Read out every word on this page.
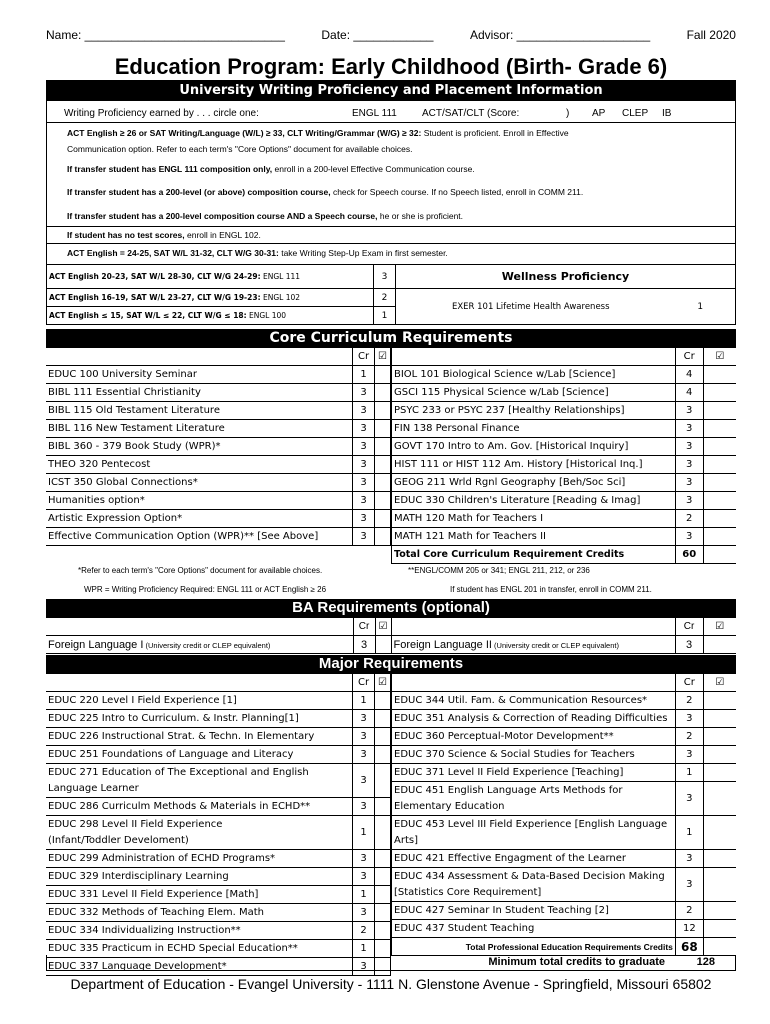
Name: ______________________________	Date: ____________	Advisor: ____________________	Fall 2020
Education Program: Early Childhood (Birth- Grade 6)
University Writing Proficiency and Placement Information
Writing Proficiency earned by . . . circle one:	ENGL 111	ACT/SAT/CLT (Score:	) AP CLEP IB
ACT English ≥ 26 or SAT Writing/Language (W/L) ≥ 33, CLT Writing/Grammar (W/G) ≥ 32: Student is proficient. Enroll in Effective
Communication option. Refer to each term's "Core Options" document for available choices.
If transfer student has ENGL 111 composition only, enroll in a 200-level Effective Communication course.
If transfer student has a 200-level (or above) composition course, check for Speech course. If no Speech listed, enroll in COMM 211.
If transfer student has a 200-level composition course AND a Speech course, he or she is proficient.
If student has no test scores, enroll in ENGL 102.
ACT English = 24-25, SAT W/L 31-32, CLT W/G 30-31: take Writing Step-Up Exam in first semester.
ACT English 20-23, SAT W/L 28-30, CLT W/G 24-29: ENGL 111	3	Wellness Proficiency	
ACT English 16-19, SAT W/L 23-27, CLT W/G 19-23: ENGL 102	2	EXER 101 Lifetime Health Awareness	1
ACT English ≤ 15, SAT W/L ≤ 22, CLT W/G ≤ 18: ENGL 100	1		
Core Curriculum Requirements
	Cr	☑
EDUC 100 University Seminar	1	
BIBL 111 Essential Christianity	3	
BIBL 115 Old Testament Literature	3	
BIBL 116 New Testament Literature	3	
BIBL 360 - 379 Book Study (WPR)*	3	
THEO 320 Pentecost	3	
ICST 350 Global Connections*	3	
Humanities option*	3	
Artistic Expression Option*	3	
Effective Communication Option (WPR)** [See Above]	3	
	Cr	☑
BIOL 101 Biological Science w/Lab [Science]	4	
GSCI 115 Physical Science w/Lab [Science]	4	
PSYC 233 or PSYC 237 [Healthy Relationships]	3	
FIN 138 Personal Finance	3	
GOVT 170 Intro to Am. Gov. [Historical Inquiry]	3	
HIST 111 or HIST 112 Am. History [Historical Inq.]	3	
GEOG 211 Wrld Rgnl Geography [Beh/Soc Sci]	3	
EDUC 330 Children's Literature [Reading & Imag]	3	
MATH 120 Math for Teachers I	2	
MATH 121 Math for Teachers II	3	
Total Core Curriculum Requirement Credits	60	
*Refer to each term's "Core Options" document for available choices.	**ENGL/COMM 205 or 341; ENGL 211, 212, or 236
WPR = Writing Proficiency Required: ENGL 111 or ACT English ≥ 26	If student has ENGL 201 in transfer, enroll in COMM 211.
BA Requirements (optional)
	Cr	☑		Cr	☑
Foreign Language I (University credit or CLEP equivalent)	3		Foreign Language II (University credit or CLEP equivalent)	3	
Major Requirements
	Cr	☑
EDUC 220 Level I Field Experience [1]	1	
EDUC 225 Intro to Curriculum. & Instr. Planning[1]	3	
EDUC 226 Instructional Strat. & Techn. In Elementary	3	
EDUC 251 Foundations of Language and Literacy	3	

EDUC 271 Education of The Exceptional and English
Language Learner	3	
EDUC 286 Curriculm Methods & Materials in ECHD**	3	

EDUC 298 Level II Field Experience
(Infant/Toddler Develoment)	1	
EDUC 299 Administration of ECHD Programs*	3	
EDUC 329 Interdisciplinary Learning	3	
EDUC 331 Level II Field Experience [Math]	1	
EDUC 332 Methods of Teaching Elem. Math	3	
EDUC 334 Individualizing Instruction**	2	
EDUC 335 Practicum in ECHD Special Education**	1	
EDUC 337 Language Development*	3	
	Cr	☑
EDUC 344 Util. Fam. & Communication Resources*	2	
EDUC 351 Analysis & Correction of Reading Difficulties	3	
EDUC 360 Perceptual-Motor Development**	2	
EDUC 370 Science & Social Studies for Teachers	3	
EDUC 371 Level II Field Experience [Teaching]	1	

EDUC 451 English Language Arts Methods for
Elementary Education	3	

EDUC 453 Level III Field Experience [English Language
Arts]	1	
EDUC 421 Effective Engagment of the Learner	3	

EDUC 434 Assessment & Data-Based Decision Making
[Statistics Core Requirement]	3	
EDUC 427 Seminar In Student Teaching [2]	2	
EDUC 437 Student Teaching	12	
Total Professional Education Requirements Credits	68	
Minimum total credits to graduate	128
Department of Education - Evangel University - 1111 N. Glenstone Avenue - Springfield, Missouri 65802
